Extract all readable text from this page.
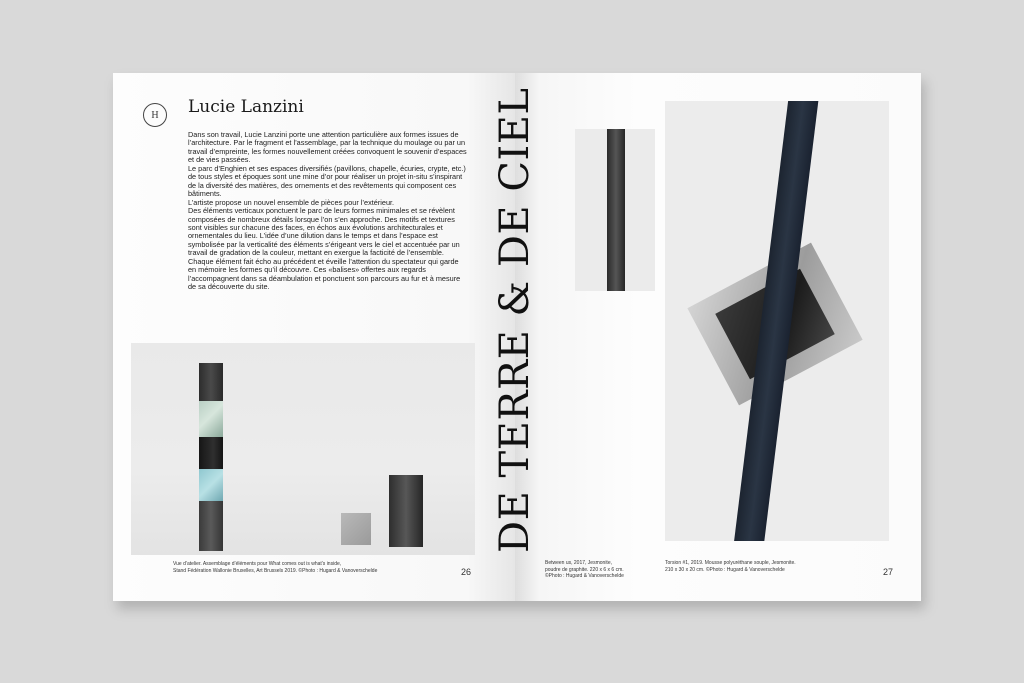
H Lucie Lanzini

Dans son travail, Lucie Lanzini porte une attention particulière aux formes issues de l’architecture. Par le fragment et l’assemblage, par la technique du moulage ou par un travail d’empreinte, les formes nouvellement créées convoquent le souvenir d’espaces et de vies passées.

Le parc d’Enghien et ses espaces diversifiés (pavillons, chapelle, écuries, crypte, etc.) de tous styles et époques sont une mine d’or pour réaliser un projet in-situ s’inspirant de la diversité des matières, des ornements et des revêtements qui composent ces bâtiments.

L’artiste propose un nouvel ensemble de pièces pour l’extérieur.

Des éléments verticaux ponctuent le parc de leurs formes minimales et se révèlent composées de nombreux détails lorsque l’on s’en approche. Des motifs et textures sont visibles sur chacune des faces, en échos aux évolutions architecturales et ornementales du lieu. L’idée d’une dilution dans le temps et dans l’espace est symbolisée par la verticalité des éléments s’érigeant vers le ciel et accentuée par un travail de gradation de la couleur, mettant en exergue la facticité de l’ensemble.

Chaque élément fait écho au précédent et éveille l’attention du spectateur qui garde en mémoire les formes qu’il découvre. Ces «balises» offertes aux regards l’accompagnent dans sa déambulation et ponctuent son parcours au fur et à mesure de sa découverte du site.

Vue d’atelier. Assemblage d’éléments pour What comes out is what’s inside,
Stand Fédération Wallonie Bruxelles, Art Brussels 2019. ©Photo : Hugard & Vanoverschelde	26
Between us, 2017, Jesmonite,
poudre de graphite. 220 x 6 x 6 cm.
©Photo : Hugard & Vanoverschelde
Torsion #1, 2019. Mousse polyuréthane souple, Jesmonite.
210 x 30 x 20 cm. ©Photo : Hugard & Vanoverschelde	27
DE TERRE & DE CIEL
